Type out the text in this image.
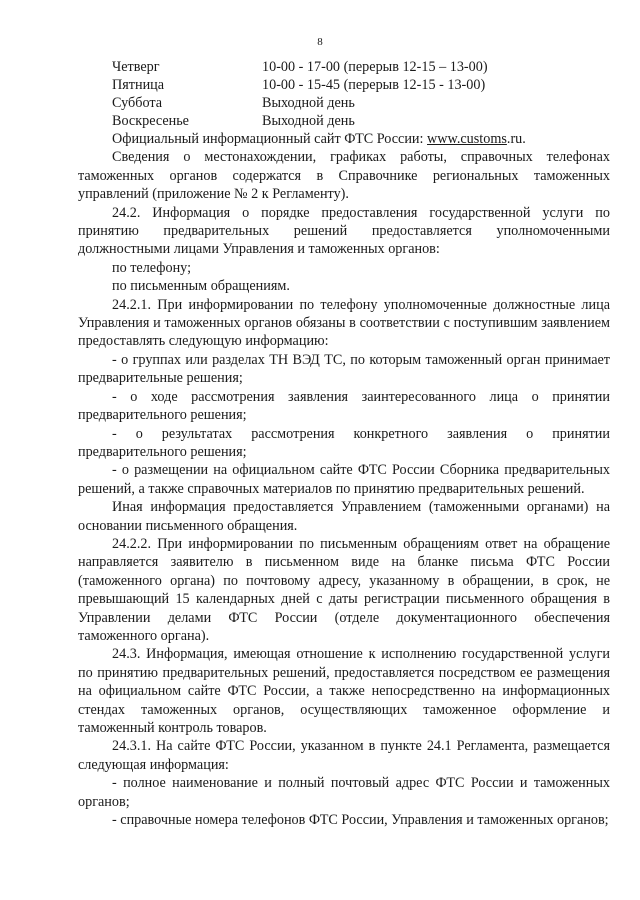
8
Четверг	10-00 - 17-00 (перерыв 12-15 – 13-00)
Пятница	10-00 - 15-45 (перерыв 12-15 - 13-00)
Суббота	Выходной день
Воскресенье	Выходной день

Официальный информационный сайт ФТС России: www.customs.ru.

Сведения о местонахождении, графиках работы, справочных телефонах таможенных органов содержатся в Справочнике региональных таможенных управлений (приложение № 2 к Регламенту).

24.2. Информация о порядке предоставления государственной услуги по принятию предварительных решений предоставляется уполномоченными должностными лицами Управления и таможенных органов:

по телефону;

по письменным обращениям.

24.2.1. При информировании по телефону уполномоченные должностные лица Управления и таможенных органов обязаны в соответствии с поступившим заявлением предоставлять следующую информацию:

- о группах или разделах ТН ВЭД ТС, по которым таможенный орган принимает предварительные решения;

- о ходе рассмотрения заявления заинтересованного лица о принятии предварительного решения;

- о результатах рассмотрения конкретного заявления о принятии предварительного решения;

- о размещении на официальном сайте ФТС России Сборника предварительных решений, а также справочных материалов по принятию предварительных решений.

Иная информация предоставляется Управлением (таможенными органами) на основании письменного обращения.

24.2.2. При информировании по письменным обращениям ответ на обращение направляется заявителю в письменном виде на бланке письма ФТС России (таможенного органа) по почтовому адресу, указанному в обращении, в срок, не превышающий 15 календарных дней с даты регистрации письменного обращения в Управлении делами ФТС России (отделе документационного обеспечения таможенного органа).

24.3. Информация, имеющая отношение к исполнению государственной услуги по принятию предварительных решений, предоставляется посредством ее размещения на официальном сайте ФТС России, а также непосредственно на информационных стендах таможенных органов, осуществляющих таможенное оформление и таможенный контроль товаров.

24.3.1. На сайте ФТС России, указанном в пункте 24.1 Регламента, размещается следующая информация:

- полное наименование и полный почтовый адрес ФТС России и таможенных органов;

- справочные номера телефонов ФТС России, Управления и таможенных органов;
